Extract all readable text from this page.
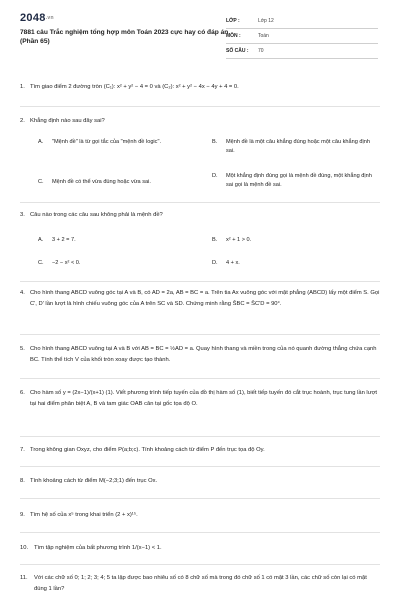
2048.vn
7881 câu Trắc nghiệm tổng hợp môn Toán 2023 cực hay có đáp án (Phần 65)
LỚP :	Lớp 12
MÔN :	Toán
SỐ CÂU :	70
1. Tìm giao điểm 2 đường tròn (C₁): x² + y² − 4 = 0 và (C₂): x² + y² − 4x − 4y + 4 = 0.
2. Khẳng định nào sau đây sai?
A. "Mệnh đề" là từ gọi tắc của "mệnh đề logic".	B. Mệnh đề là một câu khẳng đúng hoặc một câu khẳng định sai.
C. Mệnh đề có thể vừa đúng hoặc vừa sai.
D. Một khẳng định đúng gọi là mệnh đề đúng, một khẳng định sai gọi là mệnh đề sai.
3. Câu nào trong các câu sau không phải là mệnh đề?
A. 3 + 2 = 7.	B. x² + 1 > 0.
C. −2 − x² < 0.	D. 4 + x.
4. Cho hình thang ABCD vuông góc tại A và B, có AD = 2a, AB = BC = a. Trên tia Ax vuông góc với mặt phẳng (ABCD) lấy một điểm S. Gọi C', D' lần lượt là hình chiếu vuông góc của A trên SC và SD. Chứng minh rằng ŜBC = ŜC'D = 90°.
5. Cho hình thang ABCD vuông tại A và B với AB = BC = ½AD = a. Quay hình thang và miền trong của nó quanh đường thẳng chứa cạnh BC. Tính thể tích V của khối tròn xoay được tạo thành.
6. Cho hàm số y = (2x−1)/(x+1) (1). Viết phương trình tiếp tuyến của đồ thị hàm số (1), biết tiếp tuyến đó cắt trục hoành, trục tung lần lượt tại hai điểm phân biệt A, B và tam giác OAB cân tại gốc tọa độ O.
7. Trong không gian Oxyz, cho điểm P(a;b;c). Tính khoảng cách từ điểm P đến trục tọa độ Oy.
8. Tính khoảng cách từ điểm M(−2;3;1) đến trục Ox.
9. Tìm hệ số của x⁵ trong khai triển (2 + x)¹⁵.
10. Tìm tập nghiệm của bất phương trình 1/(x−1) < 1.
11. Với các chữ số 0; 1; 2; 3; 4; 5 ta lập được bao nhiêu số có 8 chữ số mà trong đó chữ số 1 có mặt 3 lần, các chữ số còn lại có mặt đúng 1 lần?
